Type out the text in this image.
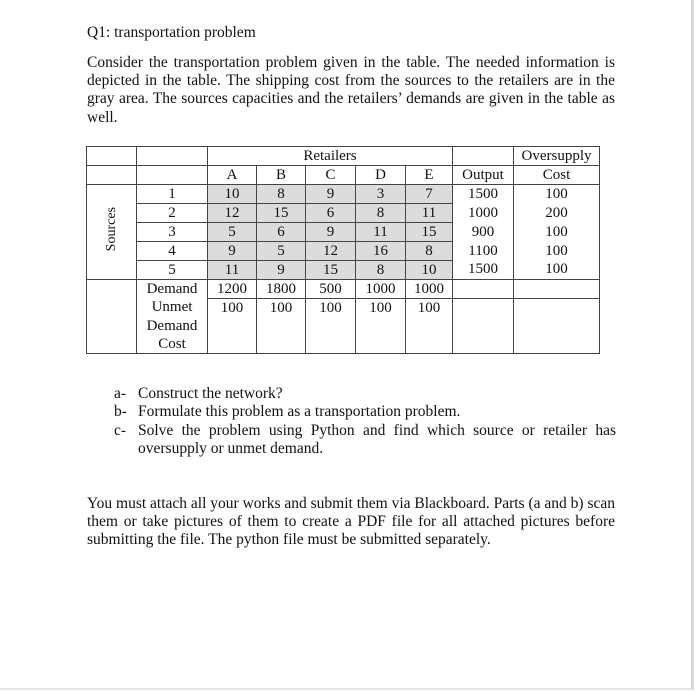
Q1: transportation problem
Consider the transportation problem given in the table. The needed information is depicted in the table. The shipping cost from the sources to the retailers are in the gray area. The sources capacities and the retailers’ demands are given in the table as well.
		Retailers						Oversupply
		A	B	C	D	E	Output	Cost
Sources	1	10	8	9	3	7	1500	100
	2	12	15	6	8	11	1000	200
	3	5	6	9	11	15	900	100
	4	9	5	12	16	8	1100	100
	5	11	9	15	8	10	1500	100
	Demand	1200	1800	500	1000	1000		
	Unmet	100	100	100	100	100		
	Demand							
	Cost							
a- Construct the network?
b- Formulate this problem as a transportation problem.
c- Solve the problem using Python and find which source or retailer has oversupply or unmet demand.
You must attach all your works and submit them via Blackboard. Parts (a and b) scan them or take pictures of them to create a PDF file for all attached pictures before submitting the file. The python file must be submitted separately.
